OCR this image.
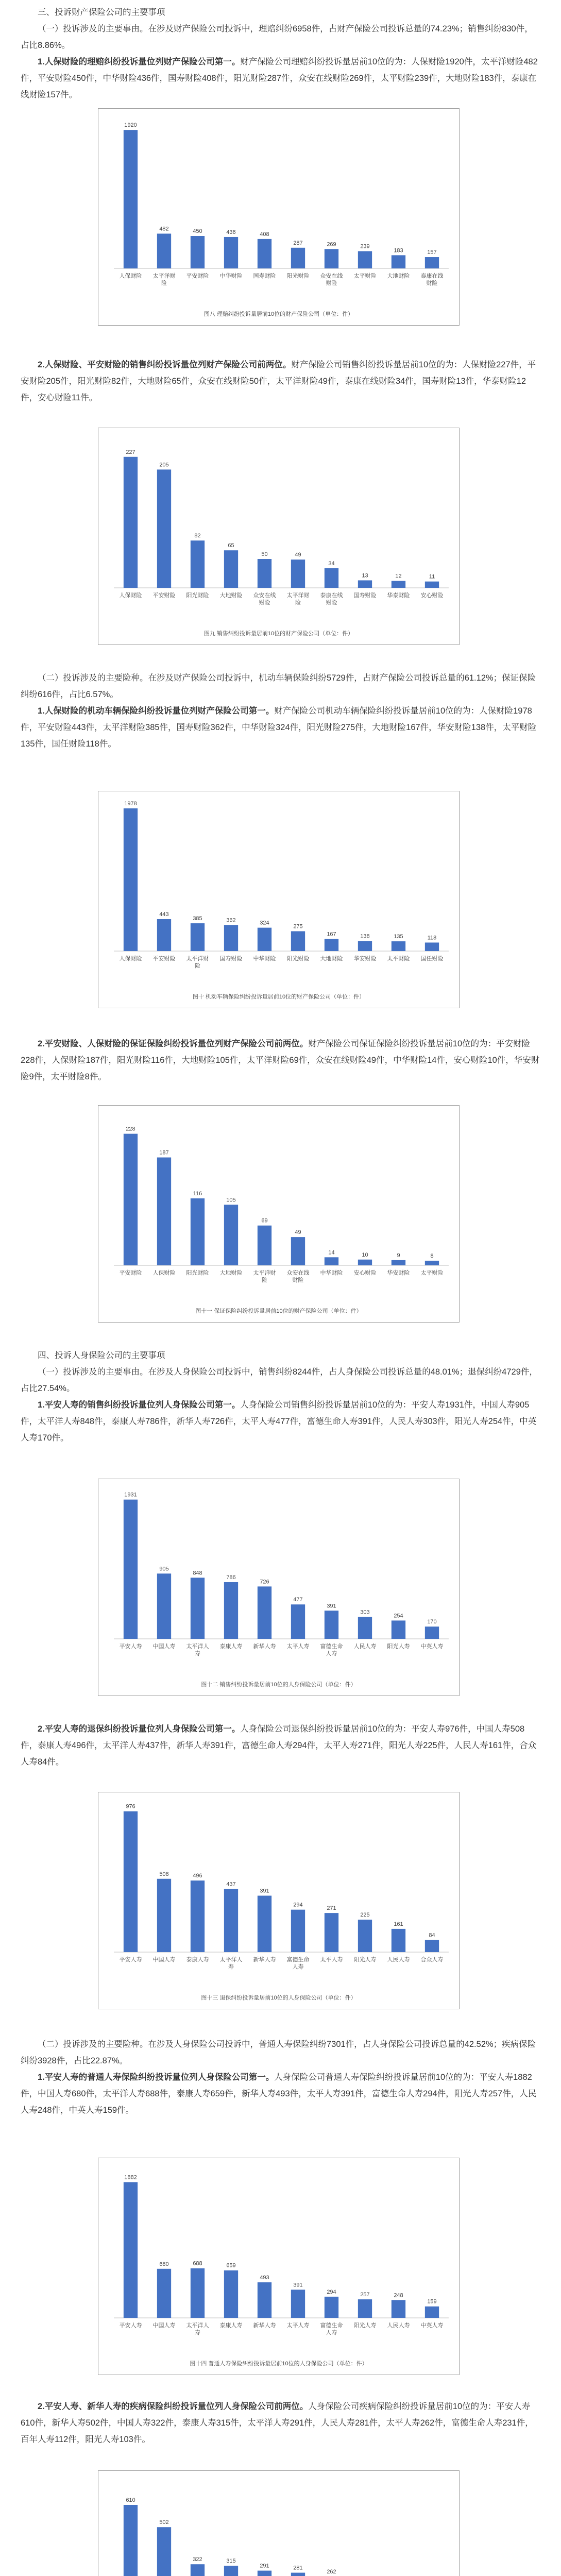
三、投诉财产保险公司的主要事项

（一）投诉涉及的主要事由。在涉及财产保险公司投诉中，理赔纠纷6958件，占财产保险公司投诉总量的74.23%；销售纠纷830件，占比8.86%。

1.人保财险的理赔纠纷投诉量位列财产保险公司第一。财产保险公司理赔纠纷投诉量居前10位的为：人保财险1920件，太平洋财险482件，平安财险450件，中华财险436件，国寿财险408件，阳光财险287件，众安在线财险269件，太平财险239件，大地财险183件，泰康在线财险157件。

1920
人保财险
482
太平洋财
险
450
平安财险
436
中华财险
408
国寿财险
287
阳光财险
269
众安在线
财险
239
太平财险
183
大地财险
157
泰康在线
财险
图八 理赔纠纷投诉量居前10位的财产保险公司（单位：件）

2.人保财险、平安财险的销售纠纷投诉量位列财产保险公司前两位。财产保险公司销售纠纷投诉量居前10位的为：人保财险227件，平安财险205件，阳光财险82件，大地财险65件，众安在线财险50件，太平洋财险49件，泰康在线财险34件，国寿财险13件，华泰财险12件，安心财险11件。

227
人保财险
205
平安财险
82
阳光财险
65
大地财险
50
众安在线
财险
49
太平洋财
险
34
泰康在线
财险
13
国寿财险
12
华泰财险
11
安心财险
图九 销售纠纷投诉量居前10位的财产保险公司（单位：件）

（二）投诉涉及的主要险种。在涉及财产保险公司投诉中，机动车辆保险纠纷5729件，占财产保险公司投诉总量的61.12%；保证保险纠纷616件，占比6.57%。

1.人保财险的机动车辆保险纠纷投诉量位列财产保险公司第一。财产保险公司机动车辆保险纠纷投诉量居前10位的为：人保财险1978件，平安财险443件，太平洋财险385件，国寿财险362件，中华财险324件，阳光财险275件，大地财险167件，华安财险138件，太平财险135件，国任财险118件。

1978
人保财险
443
平安财险
385
太平洋财
险
362
国寿财险
324
中华财险
275
阳光财险
167
大地财险
138
华安财险
135
太平财险
118
国任财险
图十 机动车辆保险纠纷投诉量居前10位的财产保险公司（单位：件）

2.平安财险、人保财险的保证保险纠纷投诉量位列财产保险公司前两位。财产保险公司保证保险纠纷投诉量居前10位的为：平安财险228件，人保财险187件，阳光财险116件，大地财险105件，太平洋财险69件，众安在线财险49件，中华财险14件，安心财险10件，华安财险9件，太平财险8件。

228
平安财险
187
人保财险
116
阳光财险
105
大地财险
69
太平洋财
险
49
众安在线
财险
14
中华财险
10
安心财险
9
华安财险
8
太平财险
图十一 保证保险纠纷投诉量居前10位的财产保险公司（单位：件）

四、投诉人身保险公司的主要事项

（一）投诉涉及的主要事由。在涉及人身保险公司投诉中，销售纠纷8244件，占人身保险公司投诉总量的48.01%；退保纠纷4729件，占比27.54%。

1.平安人寿的销售纠纷投诉量位列人身保险公司第一。人身保险公司销售纠纷投诉量居前10位的为：平安人寿1931件，中国人寿905件，太平洋人寿848件，泰康人寿786件，新华人寿726件，太平人寿477件，富德生命人寿391件，人民人寿303件，阳光人寿254件，中英人寿170件。

1931
平安人寿
905
中国人寿
848
太平洋人
寿
786
泰康人寿
726
新华人寿
477
太平人寿
391
富德生命
人寿
303
人民人寿
254
阳光人寿
170
中英人寿
图十二 销售纠纷投诉量居前10位的人身保险公司（单位：件）

2.平安人寿的退保纠纷投诉量位列人身保险公司第一。人身保险公司退保纠纷投诉量居前10位的为：平安人寿976件，中国人寿508件，泰康人寿496件，太平洋人寿437件，新华人寿391件，富德生命人寿294件，太平人寿271件，阳光人寿225件，人民人寿161件，合众人寿84件。

976
平安人寿
508
中国人寿
496
泰康人寿
437
太平洋人
寿
391
新华人寿
294
富德生命
人寿
271
太平人寿
225
阳光人寿
161
人民人寿
84
合众人寿
图十三 退保纠纷投诉量居前10位的人身保险公司（单位：件）

（二）投诉涉及的主要险种。在涉及人身保险公司投诉中，普通人寿保险纠纷7301件，占人身保险公司投诉总量的42.52%；疾病保险纠纷3928件，占比22.87%。

1.平安人寿的普通人寿保险纠纷投诉量位列人身保险公司第一。人身保险公司普通人寿保险纠纷投诉量居前10位的为：平安人寿1882件，中国人寿680件，太平洋人寿688件，泰康人寿659件，新华人寿493件，太平人寿391件，富德生命人寿294件，阳光人寿257件，人民人寿248件，中英人寿159件。

1882
平安人寿
680
中国人寿
688
太平洋人
寿
659
泰康人寿
493
新华人寿
391
太平人寿
294
富德生命
人寿
257
阳光人寿
248
人民人寿
159
中英人寿
图十四 普通人寿保险纠纷投诉量居前10位的人身保险公司（单位：件）

2.平安人寿、新华人寿的疾病保险纠纷投诉量位列人身保险公司前两位。人身保险公司疾病保险纠纷投诉量居前10位的为：平安人寿610件，新华人寿502件，中国人寿322件，泰康人寿315件，太平洋人寿291件，人民人寿281件，太平人寿262件，富德生命人寿231件，百年人寿112件，阳光人寿103件。

610
502
322	315
291	281
262
